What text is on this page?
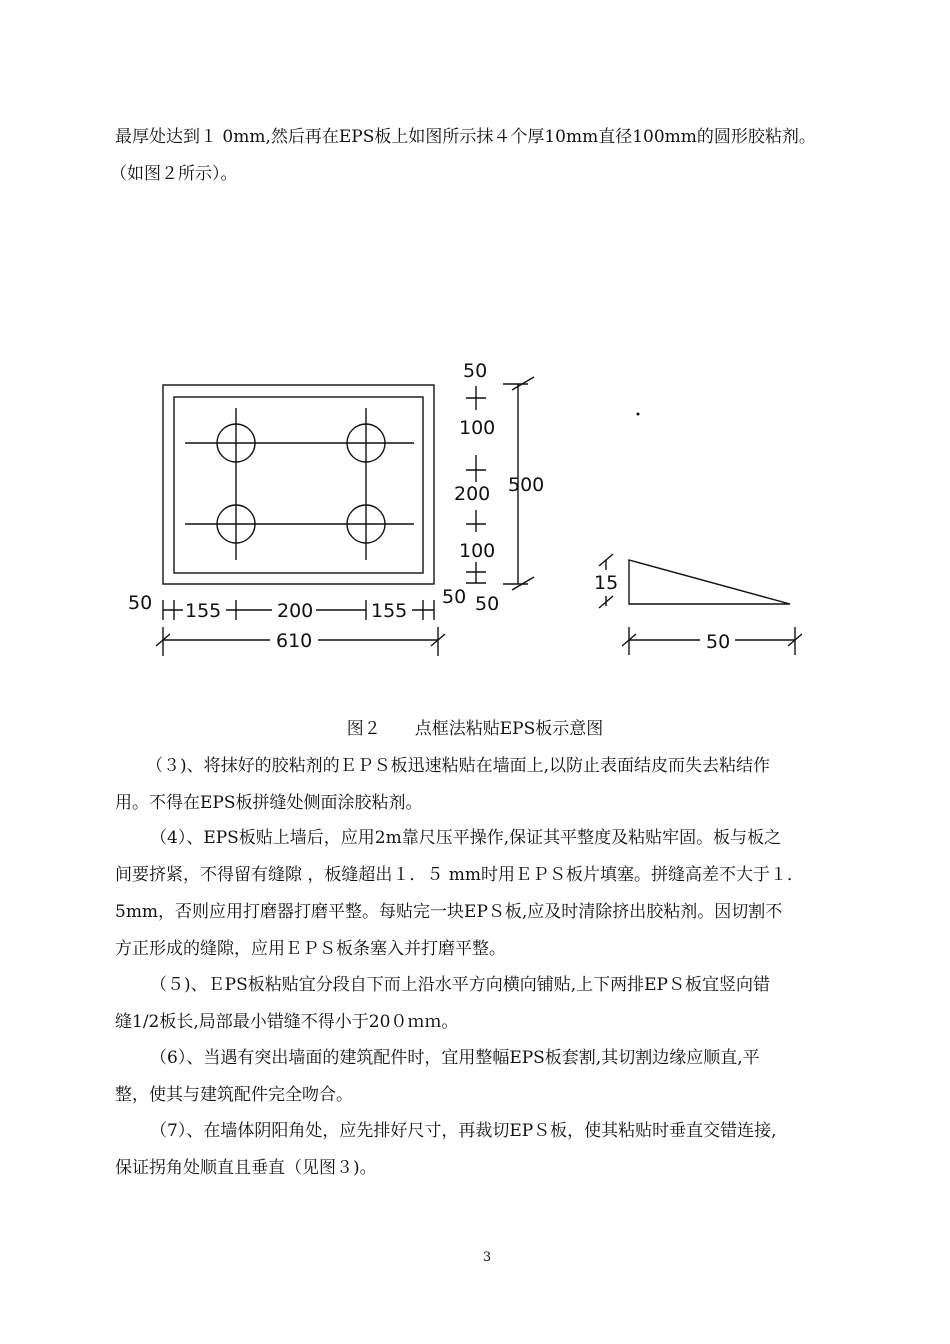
最厚处达到１ 0mm,然后再在EPS板上如图所示抹４个厚10mm直径100mm的圆形胶粘剂。
（如图２所示）。
50
100
200
100
50
500
50	50
155	200	155
610
15
50
图２　　点框法粘贴EPS板示意图
（３)、将抹好的胶粘剂的ＥＰＳ板迅速粘贴在墙面上,以防止表面结皮而失去粘结作
用。不得在EPS板拼缝处侧面涂胶粘剂。
（4）、EPS板贴上墙后，应用2m靠尺压平操作,保证其平整度及粘贴牢固。板与板之
间要挤紧，不得留有缝隙 ，板缝超出１．５ mm时用ＥＰＳ板片填塞。拼缝高差不大于１．
5mm，否则应用打磨器打磨平整。每贴完一块EPＳ板,应及时清除挤出胶粘剂。因切割不
方正形成的缝隙，应用ＥＰＳ板条塞入并打磨平整。
（５)、ＥPS板粘贴宜分段自下而上沿水平方向横向铺贴,上下两排EPＳ板宜竖向错
缝1/2板长,局部最小错缝不得小于20０ｍｍ。
（6）、当遇有突出墙面的建筑配件时，宜用整幅EPS板套割,其切割边缘应顺直,平
整，使其与建筑配件完全吻合。
（7）、在墙体阴阳角处，应先排好尺寸，再裁切EPＳ板，使其粘贴时垂直交错连接,
保证拐角处顺直且垂直（见图３)。
3
